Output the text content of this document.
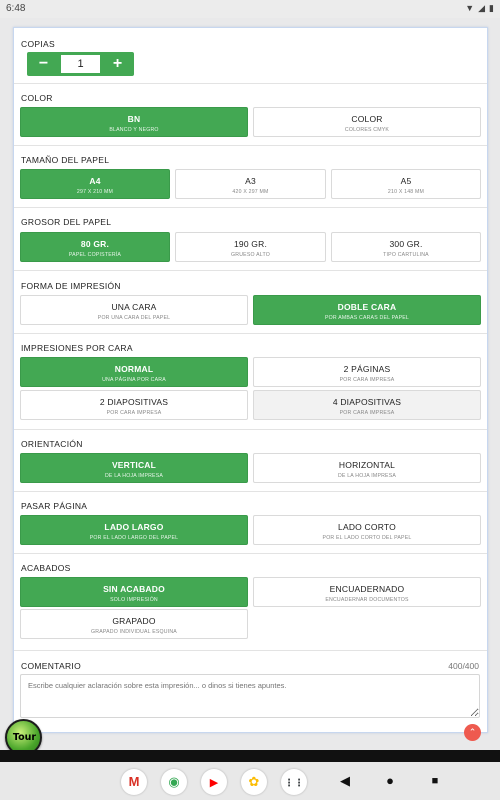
6:48	▼ ◢ ▮
COPIAS
−	1	+
COLOR
BN
BLANCO Y NEGRO
COLOR
COLORES CMYK
TAMAÑO DEL PAPEL
A4
297 X 210 MM
A3
420 X 297 MM
A5
210 X 148 MM
GROSOR DEL PAPEL
80 GR.
PAPEL COPISTERÍA
190 GR.
GRUESO ALTO
300 GR.
TIPO CARTULINA
FORMA DE IMPRESIÓN
UNA CARA
POR UNA CARA DEL PAPEL
DOBLE CARA
POR AMBAS CARAS DEL PAPEL
IMPRESIONES POR CARA
NORMAL
UNA PÁGINA POR CARA
2 PÁGINAS
POR CARA IMPRESA
2 DIAPOSITIVAS
POR CARA IMPRESA
4 DIAPOSITIVAS
POR CARA IMPRESA
ORIENTACIÓN
VERTICAL
DE LA HOJA IMPRESA
HORIZONTAL
DE LA HOJA IMPRESA
PASAR PÁGINA
LADO LARGO
POR EL LADO LARGO DEL PAPEL
LADO CORTO
POR EL LADO CORTO DEL PAPEL
ACABADOS
SIN ACABADO
SOLO IMPRESIÓN
ENCUADERNADO
ENCUADERNAR DOCUMENTOS
GRAPADO
GRAPADO INDIVIDUAL ESQUINA
COMENTARIO	400/400
Escribe cualquier aclaración sobre esta impresión... o dinos si tienes apuntes.
Tour	⌃
M	◉	▶	✿	⋮⋮	◀	●	■
